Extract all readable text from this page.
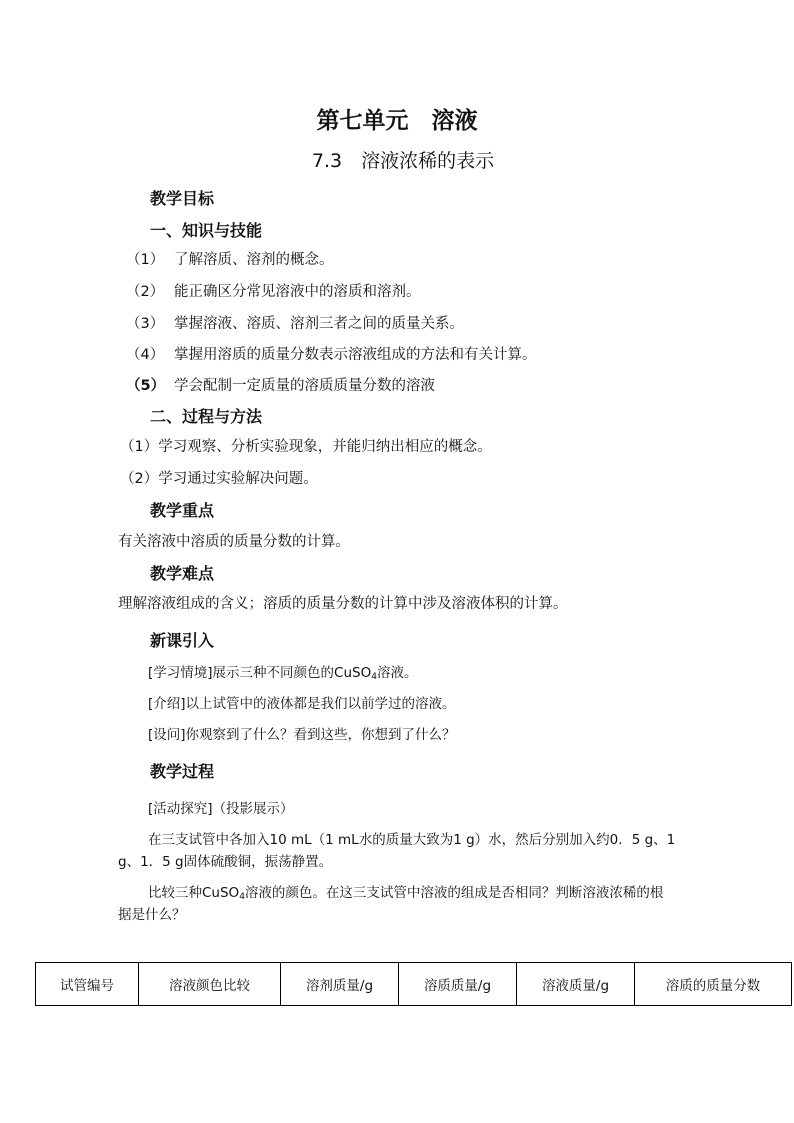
第七单元　溶液
7.3　溶液浓稀的表示
教学目标
一、知识与技能
（1） 了解溶质、溶剂的概念。
（2） 能正确区分常见溶液中的溶质和溶剂。
（3） 掌握溶液、溶质、溶剂三者之间的质量关系。
（4） 掌握用溶质的质量分数表示溶液组成的方法和有关计算。
（5） 学会配制一定质量的溶质质量分数的溶液
二、过程与方法
（1）学习观察、分析实验现象，并能归纳出相应的概念。
（2）学习通过实验解决问题。
教学重点
有关溶液中溶质的质量分数的计算。
教学难点
理解溶液组成的含义；溶质的质量分数的计算中涉及溶液体积的计算。
新课引入
[学习情境]展示三种不同颜色的CuSO$_4$溶液。
[介绍]以上试管中的液体都是我们以前学过的溶液。
[设问]你观察到了什么？看到这些，你想到了什么？
教学过程
[活动探究]（投影展示）
在三支试管中各加入10 mL（1 mL水的质量大致为1 g）水，然后分别加入约0．5 g、1
g、1．5 g固体硫酸铜，振荡静置。
比较三种CuSO$_4$溶液的颜色。在这三支试管中溶液的组成是否相同？判断溶液浓稀的根
据是什么？
试管编号	溶液颜色比较	溶剂质量/g	溶质质量/g	溶液质量/g	溶质的质量分数
